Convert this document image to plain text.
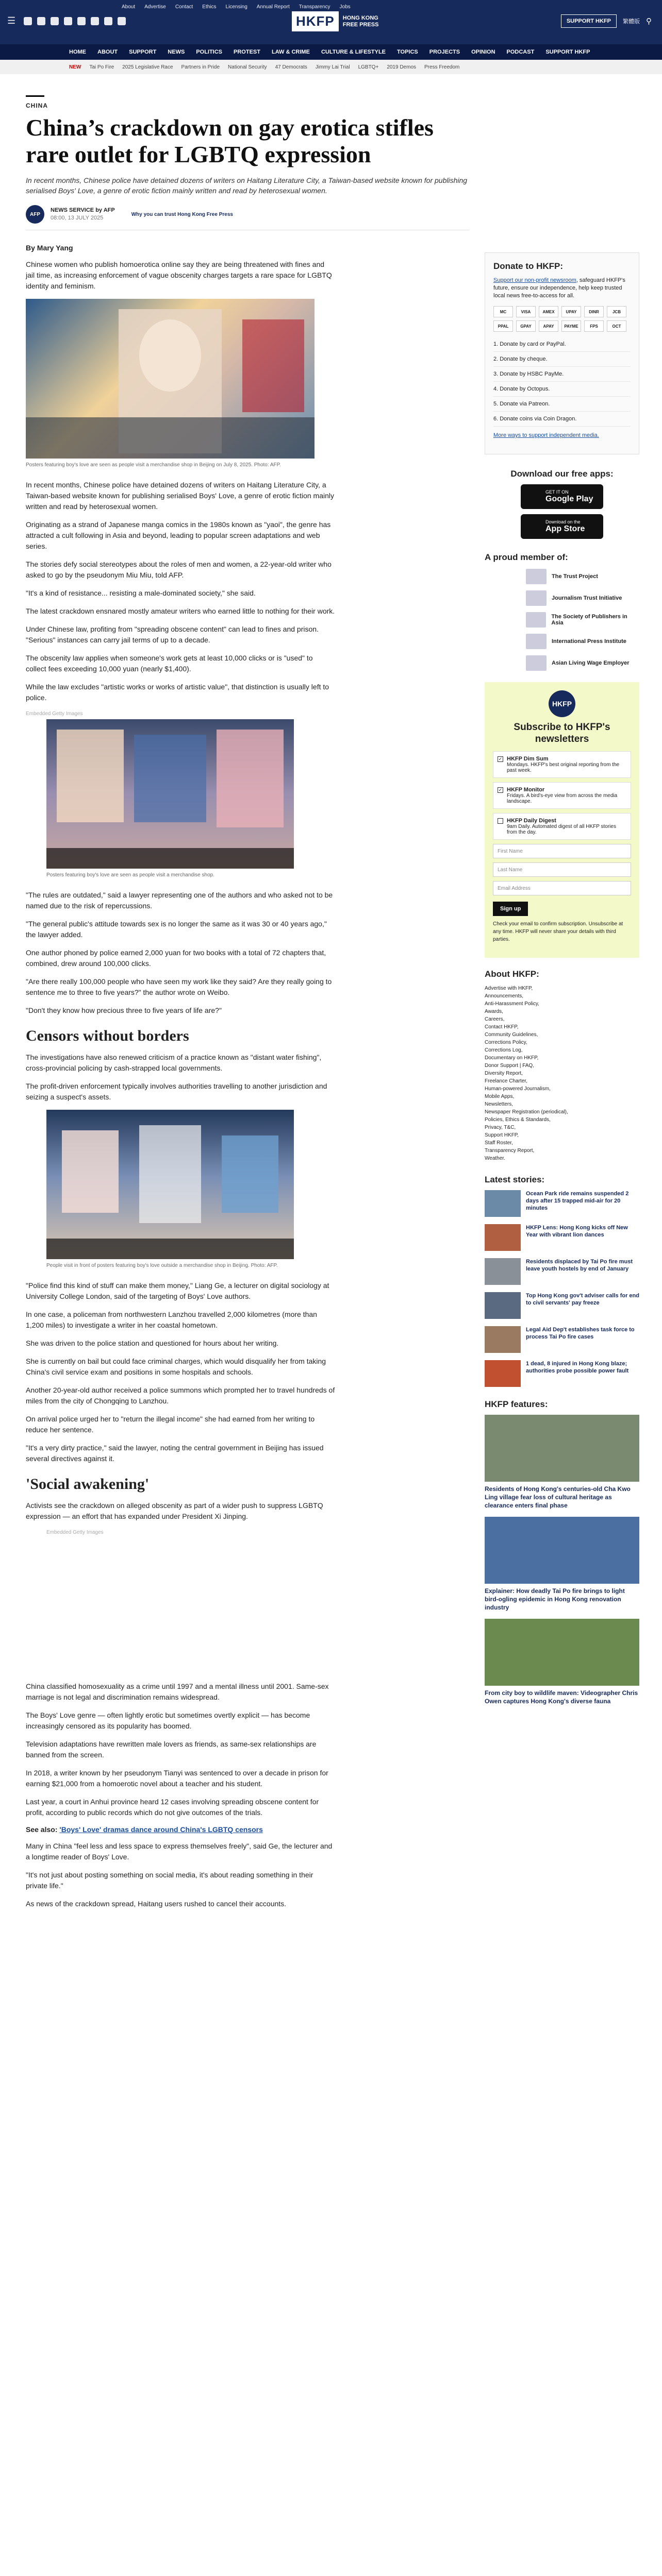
About Advertise Contact Ethics Licensing Annual Report Transparency Jobs
☰	HKFP	HONG KONG
FREE PRESS
SUPPORT HKFP	繁體版 ⚲
HOME ABOUT SUPPORT NEWS POLITICS PROTEST LAW & CRIME CULTURE & LIFESTYLE TOPICS PROJECTS OPINION PODCAST SUPPORT HKFP
NEW Tai Po Fire 2025 Legislative Race Partners in Pride National Security 47 Democrats Jimmy Lai Trial LGBTQ+ 2019 Demos Press Freedom
CHINA
China’s crackdown on gay erotica stifles rare outlet for LGBTQ expression
In recent months, Chinese police have detained dozens of writers on Haitang Literature City, a Taiwan-based website known for publishing serialised Boys' Love, a genre of erotic fiction mainly written and read by heterosexual women.
AFP
NEWS SERVICE by AFP
08:00, 13 JULY 2025
Why you can trust Hong Kong Free Press
By Mary Yang

Chinese women who publish homoerotica online say they are being threatened with fines and jail time, as increasing enforcement of vague obscenity charges targets a rare space for LGBTQ identity and feminism.

Posters featuring boy's love are seen as people visit a merchandise shop in Beijing on July 8, 2025. Photo: AFP.

In recent months, Chinese police have detained dozens of writers on Haitang Literature City, a Taiwan-based website known for publishing serialised Boys' Love, a genre of erotic fiction mainly written and read by heterosexual women.

Originating as a strand of Japanese manga comics in the 1980s known as "yaoi", the genre has attracted a cult following in Asia and beyond, leading to popular screen adaptations and web series.

The stories defy social stereotypes about the roles of men and women, a 22-year-old writer who asked to go by the pseudonym Miu Miu, told AFP.

"It's a kind of resistance... resisting a male-dominated society," she said.

The latest crackdown ensnared mostly amateur writers who earned little to nothing for their work.

Under Chinese law, profiting from "spreading obscene content" can lead to fines and prison. "Serious" instances can carry jail terms of up to a decade.

The obscenity law applies when someone's work gets at least 10,000 clicks or is "used" to collect fees exceeding 10,000 yuan (nearly $1,400).

While the law excludes "artistic works or works of artistic value", that distinction is usually left to police.

Embedded Getty Images
Posters featuring boy's love are seen as people visit a merchandise shop.

"The rules are outdated," said a lawyer representing one of the authors and who asked not to be named due to the risk of repercussions.

"The general public's attitude towards sex is no longer the same as it was 30 or 40 years ago," the lawyer added.

One author phoned by police earned 2,000 yuan for two books with a total of 72 chapters that, combined, drew around 100,000 clicks.

"Are there really 100,000 people who have seen my work like they said? Are they really going to sentence me to three to five years?" the author wrote on Weibo.

"Don't they know how precious three to five years of life are?"

Censors without borders

The investigations have also renewed criticism of a practice known as "distant water fishing", cross-provincial policing by cash-strapped local governments.

The profit-driven enforcement typically involves authorities travelling to another jurisdiction and seizing a suspect's assets.

People visit in front of posters featuring boy's love outside a merchandise shop in Beijing. Photo: AFP.

"Police find this kind of stuff can make them money," Liang Ge, a lecturer on digital sociology at University College London, said of the targeting of Boys' Love authors.

In one case, a policeman from northwestern Lanzhou travelled 2,000 kilometres (more than 1,200 miles) to investigate a writer in her coastal hometown.

She was driven to the police station and questioned for hours about her writing.

She is currently on bail but could face criminal charges, which would disqualify her from taking China's civil service exam and positions in some hospitals and schools.

Another 20-year-old author received a police summons which prompted her to travel hundreds of miles from the city of Chongqing to Lanzhou.

On arrival police urged her to "return the illegal income" she had earned from her writing to reduce her sentence.

"It's a very dirty practice," said the lawyer, noting the central government in Beijing has issued several directives against it.

'Social awakening'

Activists see the crackdown on alleged obscenity as part of a wider push to suppress LGBTQ expression — an effort that has expanded under President Xi Jinping.

Embedded Getty Images

China classified homosexuality as a crime until 1997 and a mental illness until 2001. Same-sex marriage is not legal and discrimination remains widespread.

The Boys' Love genre — often lightly erotic but sometimes overtly explicit — has become increasingly censored as its popularity has boomed.

Television adaptations have rewritten male lovers as friends, as same-sex relationships are banned from the screen.

In 2018, a writer known by her pseudonym Tianyi was sentenced to over a decade in prison for earning $21,000 from a homoerotic novel about a teacher and his student.

Last year, a court in Anhui province heard 12 cases involving spreading obscene content for profit, according to public records which do not give outcomes of the trials.

See also: 'Boys' Love' dramas dance around China's LGBTQ censors

Many in China "feel less and less space to express themselves freely", said Ge, the lecturer and a longtime reader of Boys' Love.

"It's not just about posting something on social media, it's about reading something in their private life."

As news of the crackdown spread, Haitang users rushed to cancel their accounts.

Donate to HKFP:
Support our non-profit newsroom, safeguard HKFP's future, ensure our independence, help keep trusted local news free-to-access for all.
MC	VISA	AMEX	UPAY	DINR	JCB
PPAL	GPAY	APAY	PAYME	FPS	OCT
1. Donate by card or PayPal.
2. Donate by cheque.
3. Donate by HSBC PayMe.
4. Donate by Octopus.
5. Donate via Patreon.
6. Donate coins via Coin Dragon.
More ways to support independent media.
Download our free apps:
GET IT ON
Google Play
Download on the
App Store
A proud member of:
The Trust Project
Journalism Trust Initiative
The Society of Publishers in Asia
International Press Institute
Asian Living Wage Employer
HKFP
Subscribe to HKFP's newsletters
✓ HKFP Dim Sum
Mondays. HKFP's best original reporting from the past week.
✓ HKFP Monitor
Fridays. A bird's-eye view from across the media landscape.
HKFP Daily Digest
9am Daily. Automated digest of all HKFP stories from the day.
First Name
Last Name
Email Address
Sign up
Check your email to confirm subscription. Unsubscribe at any time. HKFP will never share your details with third parties.
About HKFP:
Advertise with HKFP,
Announcements,
Anti-Harassment Policy,
Awards,
Careers,
Contact HKFP,
Community Guidelines,
Corrections Policy,
Corrections Log,
Documentary on HKFP,
Donor Support | FAQ,
Diversity Report,
Freelance Charter,
Human-powered Journalism,
Mobile Apps,
Newsletters,
Newspaper Registration (periodical),
Policies, Ethics & Standards,
Privacy, T&C,
Support HKFP,
Staff Roster,
Transparency Report,
Weather.
Latest stories:
Ocean Park ride remains suspended 2 days after 15 trapped mid-air for 20 minutes
HKFP Lens: Hong Kong kicks off New Year with vibrant lion dances
Residents displaced by Tai Po fire must leave youth hostels by end of January
Top Hong Kong gov't adviser calls for end to civil servants' pay freeze
Legal Aid Dep't establishes task force to process Tai Po fire cases
1 dead, 8 injured in Hong Kong blaze; authorities probe possible power fault
HKFP features:
Residents of Hong Kong's centuries-old Cha Kwo Ling village fear loss of cultural heritage as clearance enters final phase
Explainer: How deadly Tai Po fire brings to light bird-ogling epidemic in Hong Kong renovation industry
From city boy to wildlife maven: Videographer Chris Owen captures Hong Kong's diverse fauna
